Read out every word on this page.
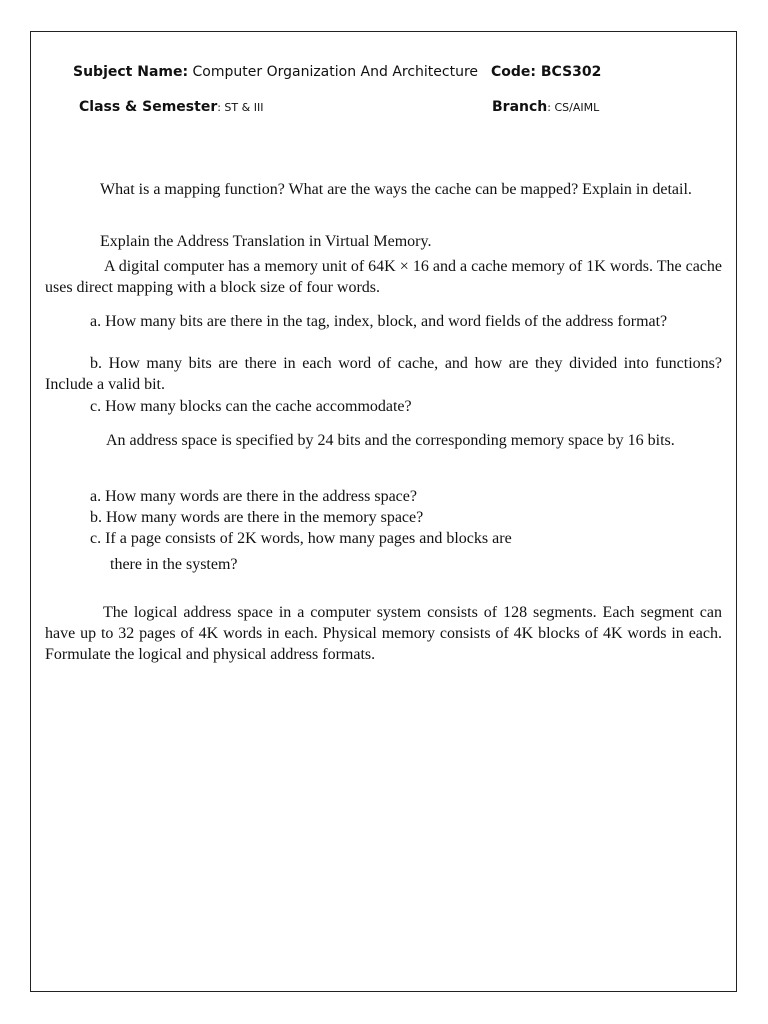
Subject Name: Computer Organization And Architecture Code: BCS302
Class & Semester: ST & III	Branch: CS/AIML

What is a mapping function? What are the ways the cache can be mapped? Explain in detail.

Explain the Address Translation in Virtual Memory.

A digital computer has a memory unit of 64K × 16 and a cache memory of 1K words. The cache uses direct mapping with a block size of four words.

a. How many bits are there in the tag, index, block, and word fields of the address format?

b. How many bits are there in each word of cache, and how are they divided into functions? Include a valid bit.

c. How many blocks can the cache accommodate?

An address space is specified by 24 bits and the corresponding memory space by 16 bits.

a. How many words are there in the address space?

b. How many words are there in the memory space?

c. If a page consists of 2K words, how many pages and blocks are

there in the system?

The logical address space in a computer system consists of 128 segments. Each segment can have up to 32 pages of 4K words in each. Physical memory consists of 4K blocks of 4K words in each. Formulate the logical and physical address formats.
